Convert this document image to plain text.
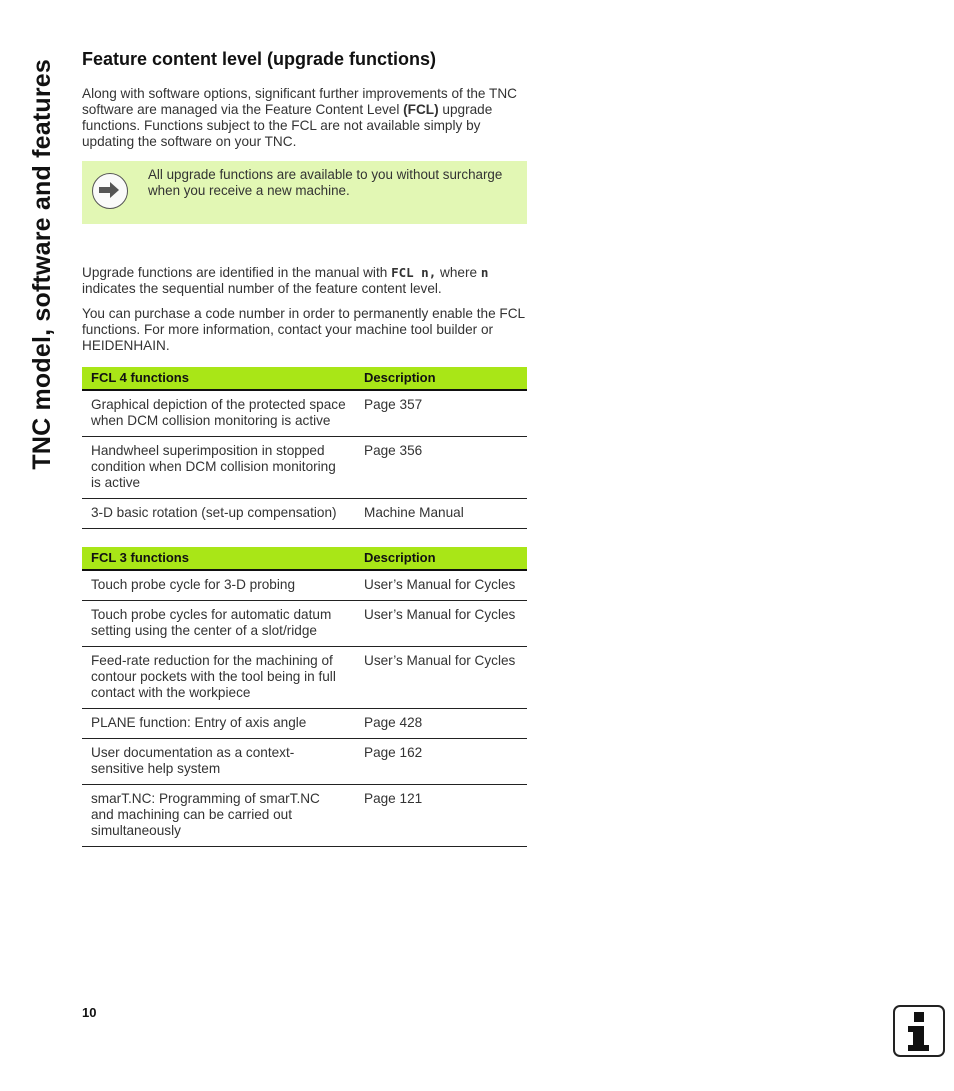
TNC model, software and features
Feature content level (upgrade functions)

Along with software options, significant further improvements of the TNC software are managed via the Feature Content Level (FCL) upgrade functions. Functions subject to the FCL are not available simply by updating the software on your TNC.

All upgrade functions are available to you without surcharge when you receive a new machine.

Upgrade functions are identified in the manual with FCL n, where n indicates the sequential number of the feature content level.

You can purchase a code number in order to permanently enable the FCL functions. For more information, contact your machine tool builder or HEIDENHAIN.

FCL 4 functions	Description
Graphical depiction of the protected space when DCM collision monitoring is active	Page 357
Handwheel superimposition in stopped condition when DCM collision monitoring is active	Page 356
3-D basic rotation (set-up compensation)	Machine Manual
FCL 3 functions	Description
Touch probe cycle for 3-D probing	User’s Manual for Cycles
Touch probe cycles for automatic datum setting using the center of a slot/ridge	User’s Manual for Cycles
Feed-rate reduction for the machining of contour pockets with the tool being in full contact with the workpiece	User’s Manual for Cycles
PLANE function: Entry of axis angle	Page 428
User documentation as a context-sensitive help system	Page 162
smarT.NC: Programming of smarT.NC and machining can be carried out simultaneously	Page 121
10
